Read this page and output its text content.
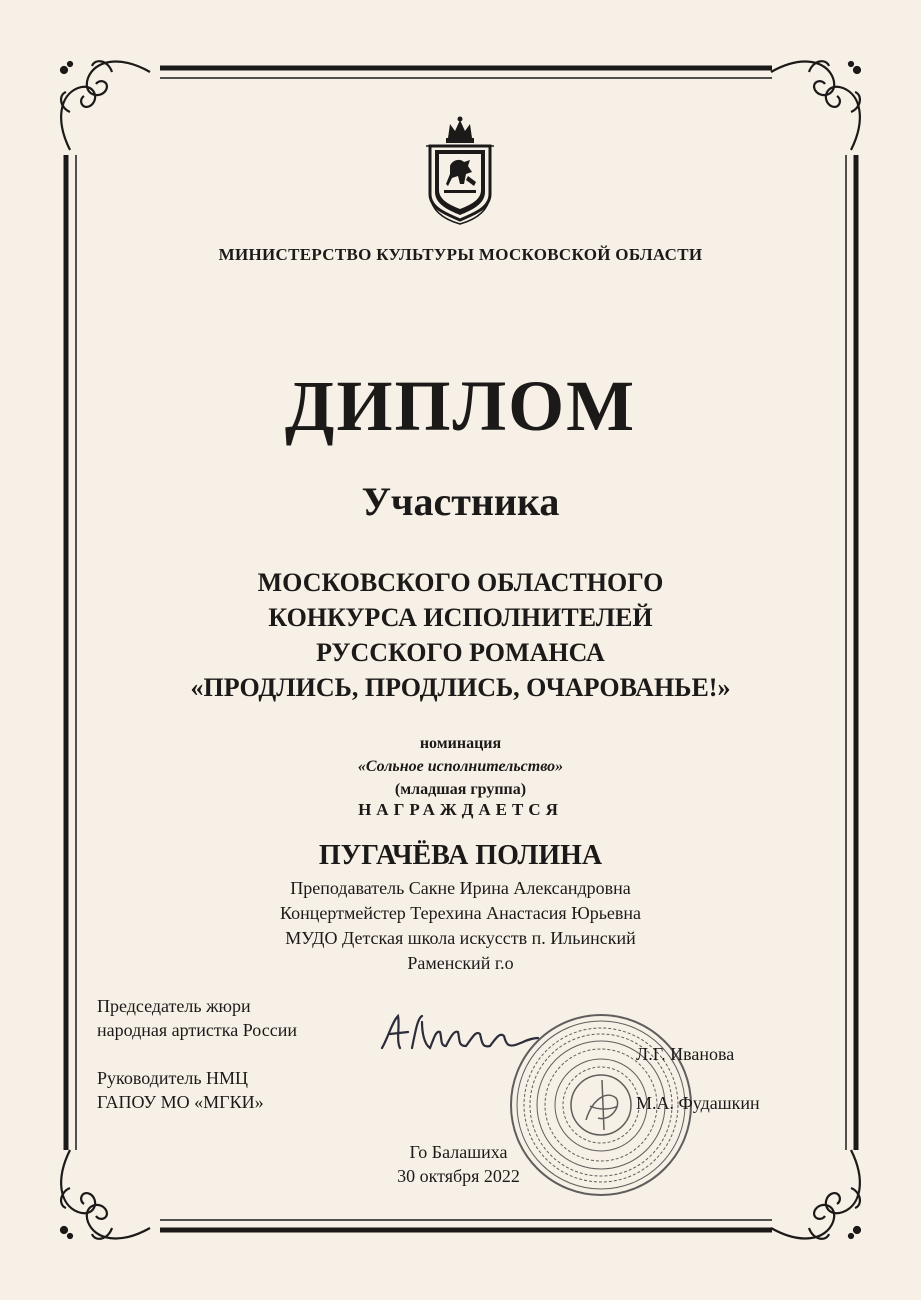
МИНИСТЕРСТВО КУЛЬТУРЫ МОСКОВСКОЙ ОБЛАСТИ
ДИПЛОМ
Участника
МОСКОВСКОГО ОБЛАСТНОГО
КОНКУРСА ИСПОЛНИТЕЛЕЙ
РУССКОГО РОМАНСА
«ПРОДЛИСЬ, ПРОДЛИСЬ, ОЧАРОВАНЬЕ!»
номинация
«Сольное исполнительство»
(младшая группа)
НАГРАЖДАЕТСЯ
ПУГАЧЁВА ПОЛИНА
Преподаватель Сакне Ирина Александровна
Концертмейстер Терехина Анастасия Юрьевна
МУДО Детская школа искусств п. Ильинский
Раменский г.о
Председатель жюри
народная артистка России
Руководитель НМЦ
ГАПОУ МО «МГКИ»
Л.Г. Иванова
М.А. Фудашкин
Го Балашиха
30 октября 2022
